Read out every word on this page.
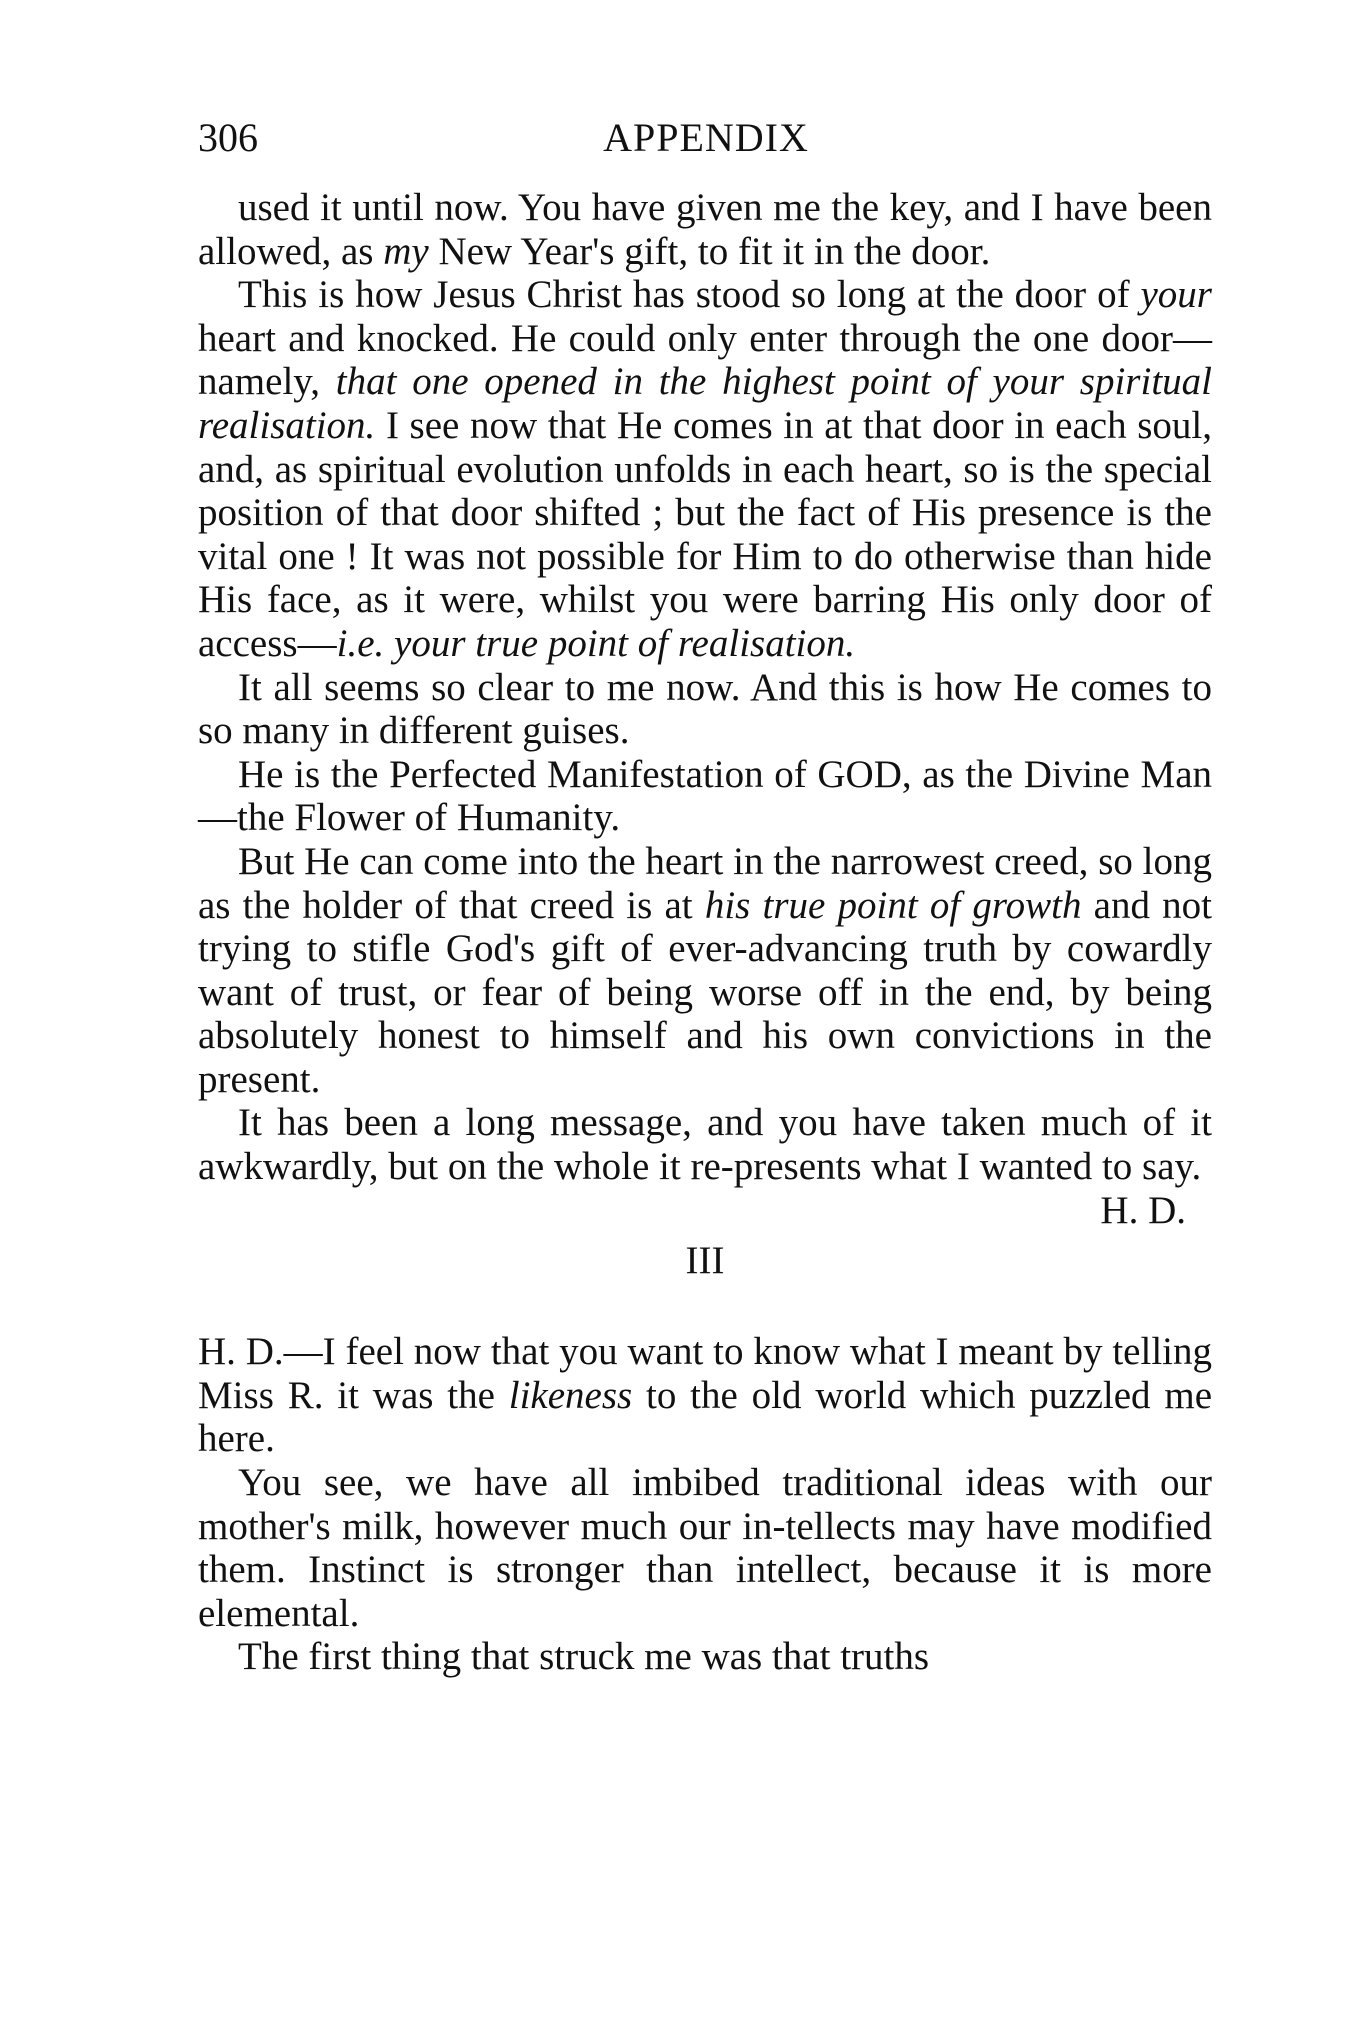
306	APPENDIX

used it until now. You have given me the key, and I have been allowed, as my New Year's gift, to fit it in the door.

This is how Jesus Christ has stood so long at the door of your heart and knocked. He could only enter through the one door—namely, that one opened in the highest point of your spiritual realisation. I see now that He comes in at that door in each soul, and, as spiritual evolution unfolds in each heart, so is the special position of that door shifted ; but the fact of His presence is the vital one ! It was not possible for Him to do otherwise than hide His face, as it were, whilst you were barring His only door of access—i.e. your true point of realisation.

It all seems so clear to me now. And this is how He comes to so many in different guises.

He is the Perfected Manifestation of GOD, as the Divine Man—the Flower of Humanity.

But He can come into the heart in the narrowest creed, so long as the holder of that creed is at his true point of growth and not trying to stifle God's gift of ever-advancing truth by cowardly want of trust, or fear of being worse off in the end, by being absolutely honest to himself and his own convictions in the present.

It has been a long message, and you have taken much of it awkwardly, but on the whole it re-presents what I wanted to say.
H. D.

III

H. D.—I feel now that you want to know what I meant by telling Miss R. it was the likeness to the old world which puzzled me here.

You see, we have all imbibed traditional ideas with our mother's milk, however much our in-tellects may have modified them. Instinct is stronger than intellect, because it is more elemental.

The first thing that struck me was that truths
